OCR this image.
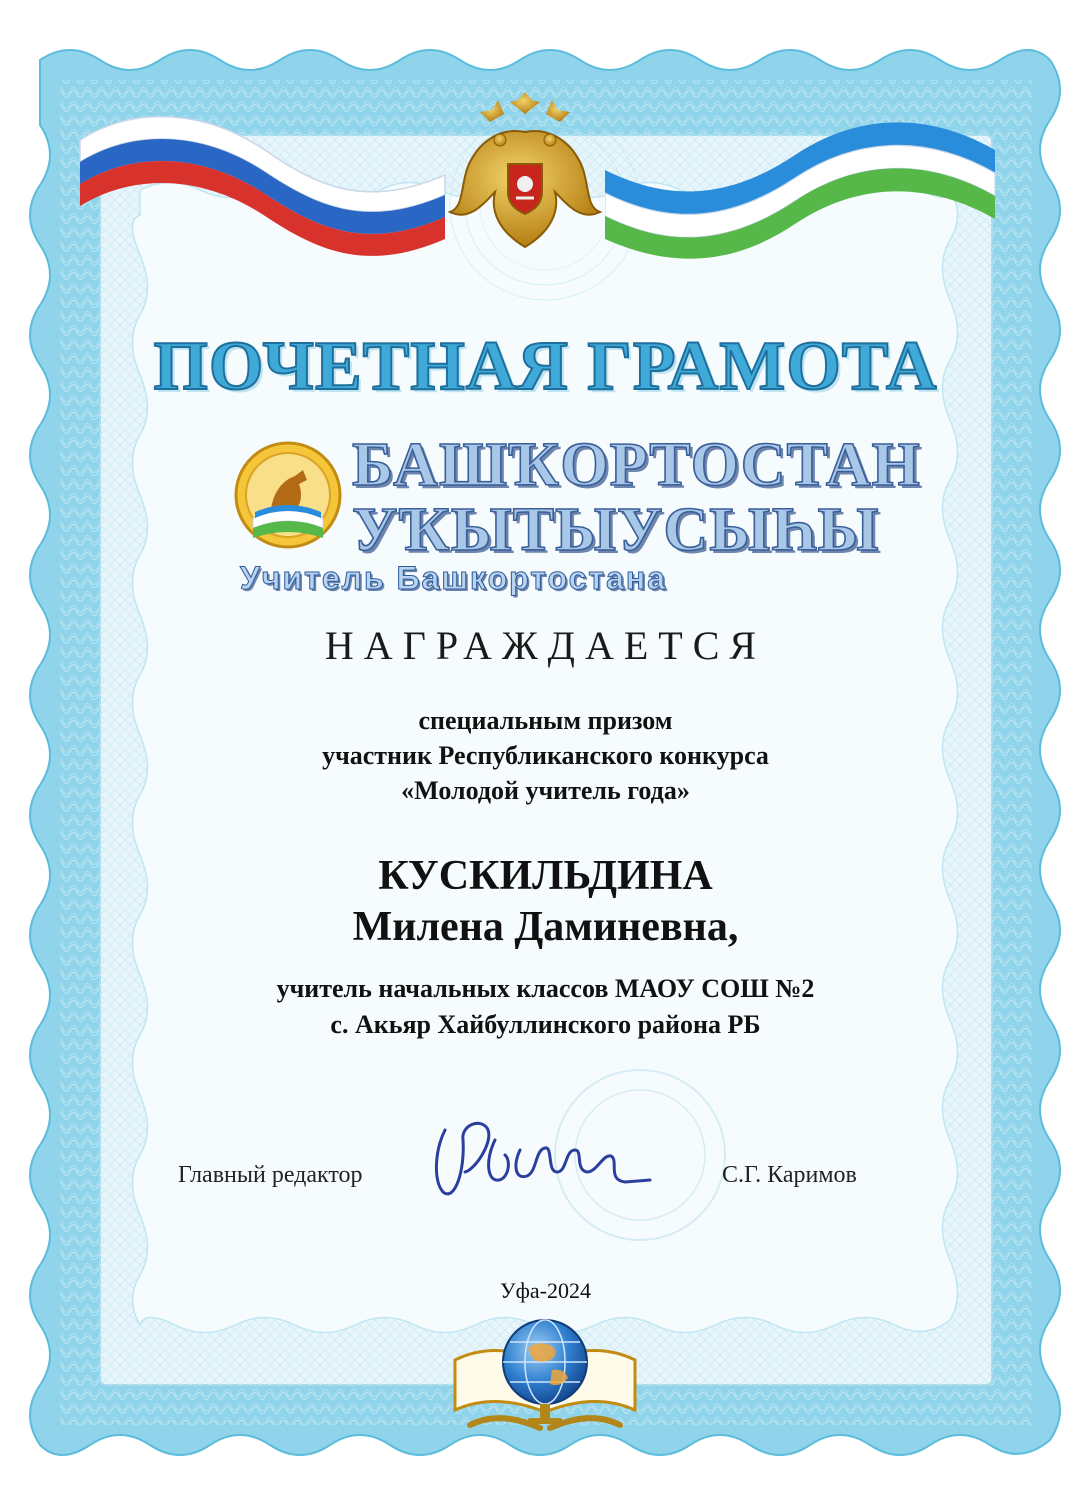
ПОЧЕТНАЯ ГРАМОТА
БАШҠОРТОСТАН
УҠЫТЫУСЫҺЫ
Учитель Башкортостана
НАГРАЖДАЕТСЯ
специальным призом
участник Республиканского конкурса
«Молодой учитель года»
КУСКИЛЬДИНА
Милена Даминевна,
учитель начальных классов МАОУ СОШ №2
с. Акьяр Хайбуллинского района РБ
Главный редактор	С.Г. Каримов
Уфа-2024
